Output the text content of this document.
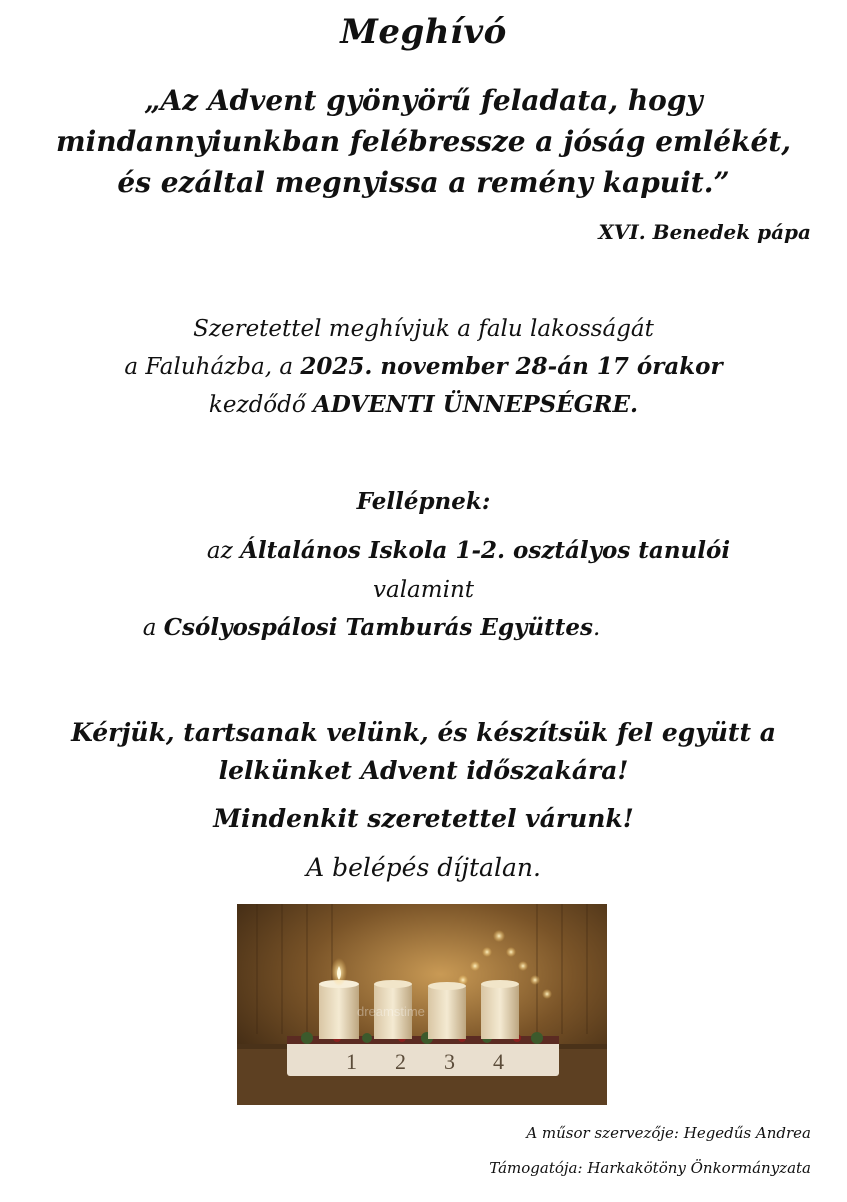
Meghívó
„Az Advent gyönyörű feladata, hogy
mindannyiunkban felébressze a jóság emlékét,
és ezáltal megnyissa a remény kapuit.”
XVI. Benedek pápa
Szeretettel meghívjuk a falu lakosságát
a Faluházba, a 2025. november 28-án 17 órakor
kezdődő ADVENTI ÜNNEPSÉGRE.
Fellépnek:
az Általános Iskola 1-2. osztályos tanulói
valamint
a Csólyospálosi Tamburás Együttes.
Kérjük, tartsanak velünk, és készítsük fel együtt a
lelkünket Advent időszakára!
Mindenkit szeretettel várunk!
A belépés díjtalan.
1 2 3 4
dreamstime
A műsor szervezője: Hegedűs Andrea
Támogatója: Harkakötöny Önkormányzata
